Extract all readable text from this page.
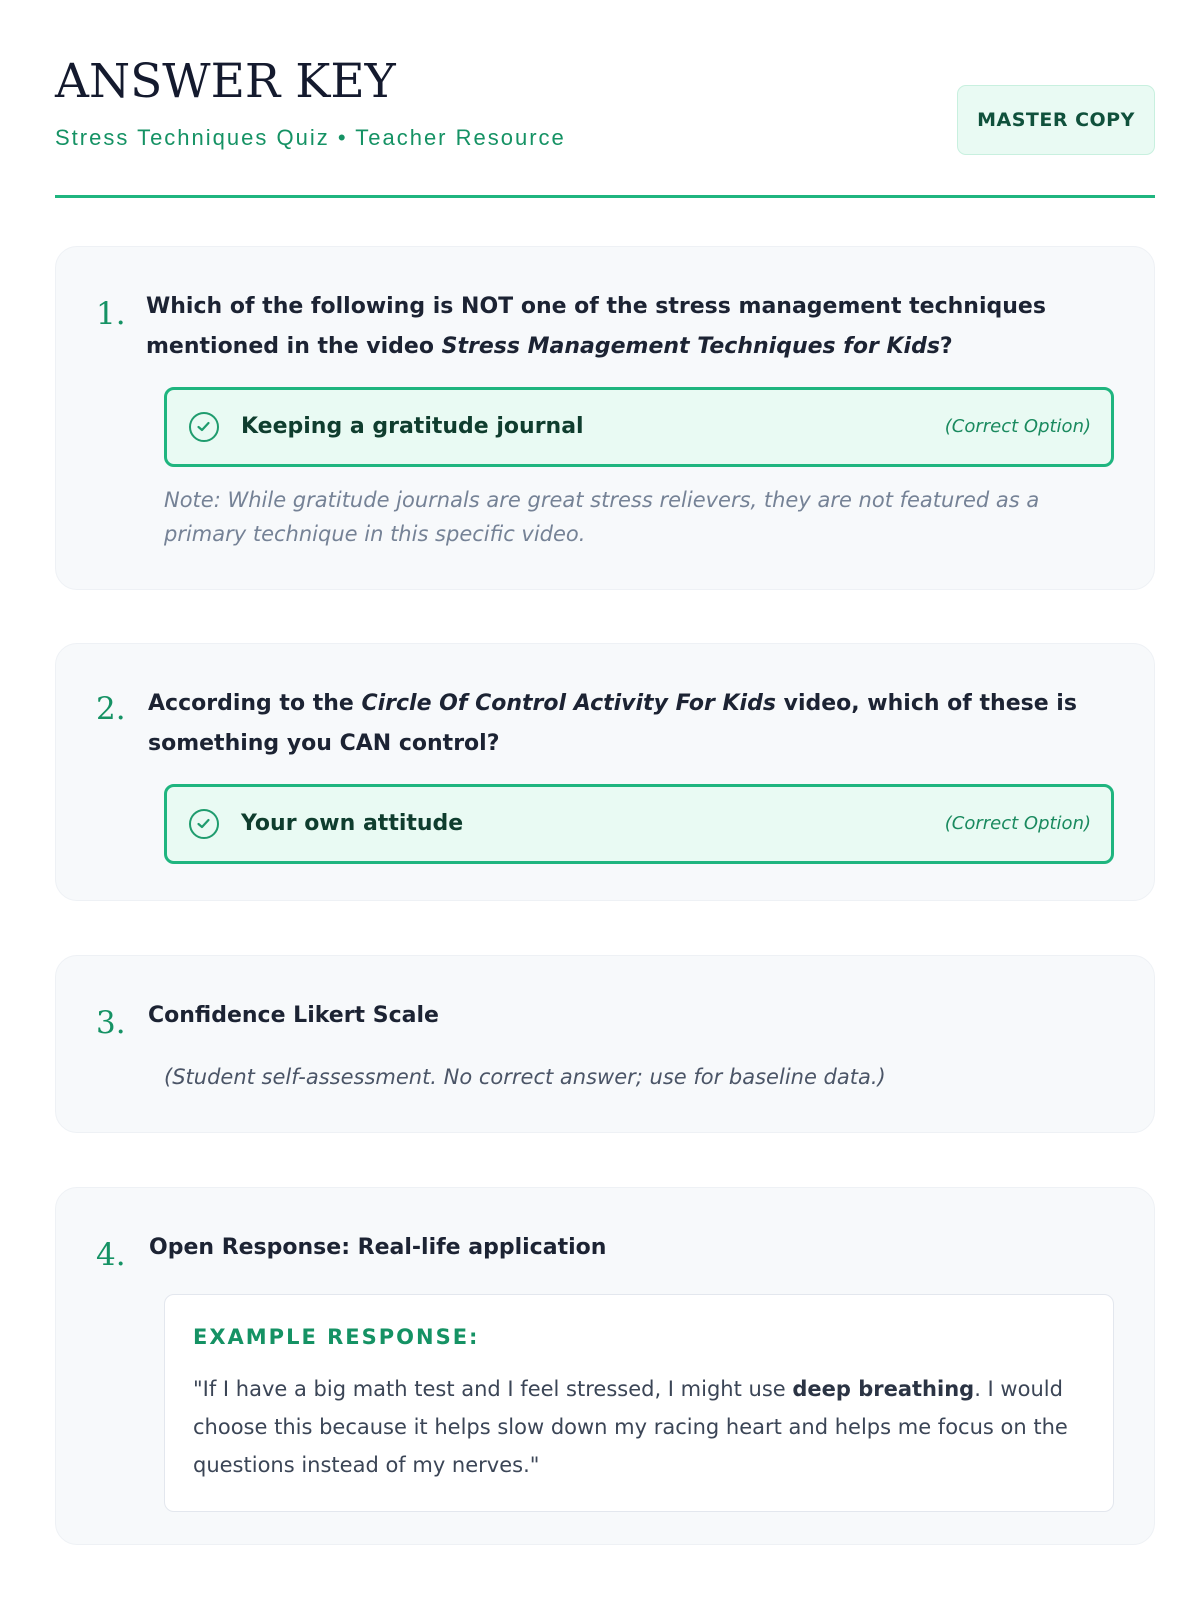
ANSWER KEY
Stress Techniques Quiz • Teacher Resource
MASTER COPY
1. Which of the following is NOT one of the stress management techniques mentioned in the video Stress Management Techniques for Kids?
Keeping a gratitude journal	(Correct Option)
Note: While gratitude journals are great stress relievers, they are not featured as a primary technique in this specific video.
2. According to the Circle Of Control Activity For Kids video, which of these is something you CAN control?
Your own attitude	(Correct Option)
3. Confidence Likert Scale
(Student self-assessment. No correct answer; use for baseline data.)
4. Open Response: Real-life application
EXAMPLE RESPONSE:
"If I have a big math test and I feel stressed, I might use deep breathing. I would choose this because it helps slow down my racing heart and helps me focus on the questions instead of my nerves."
